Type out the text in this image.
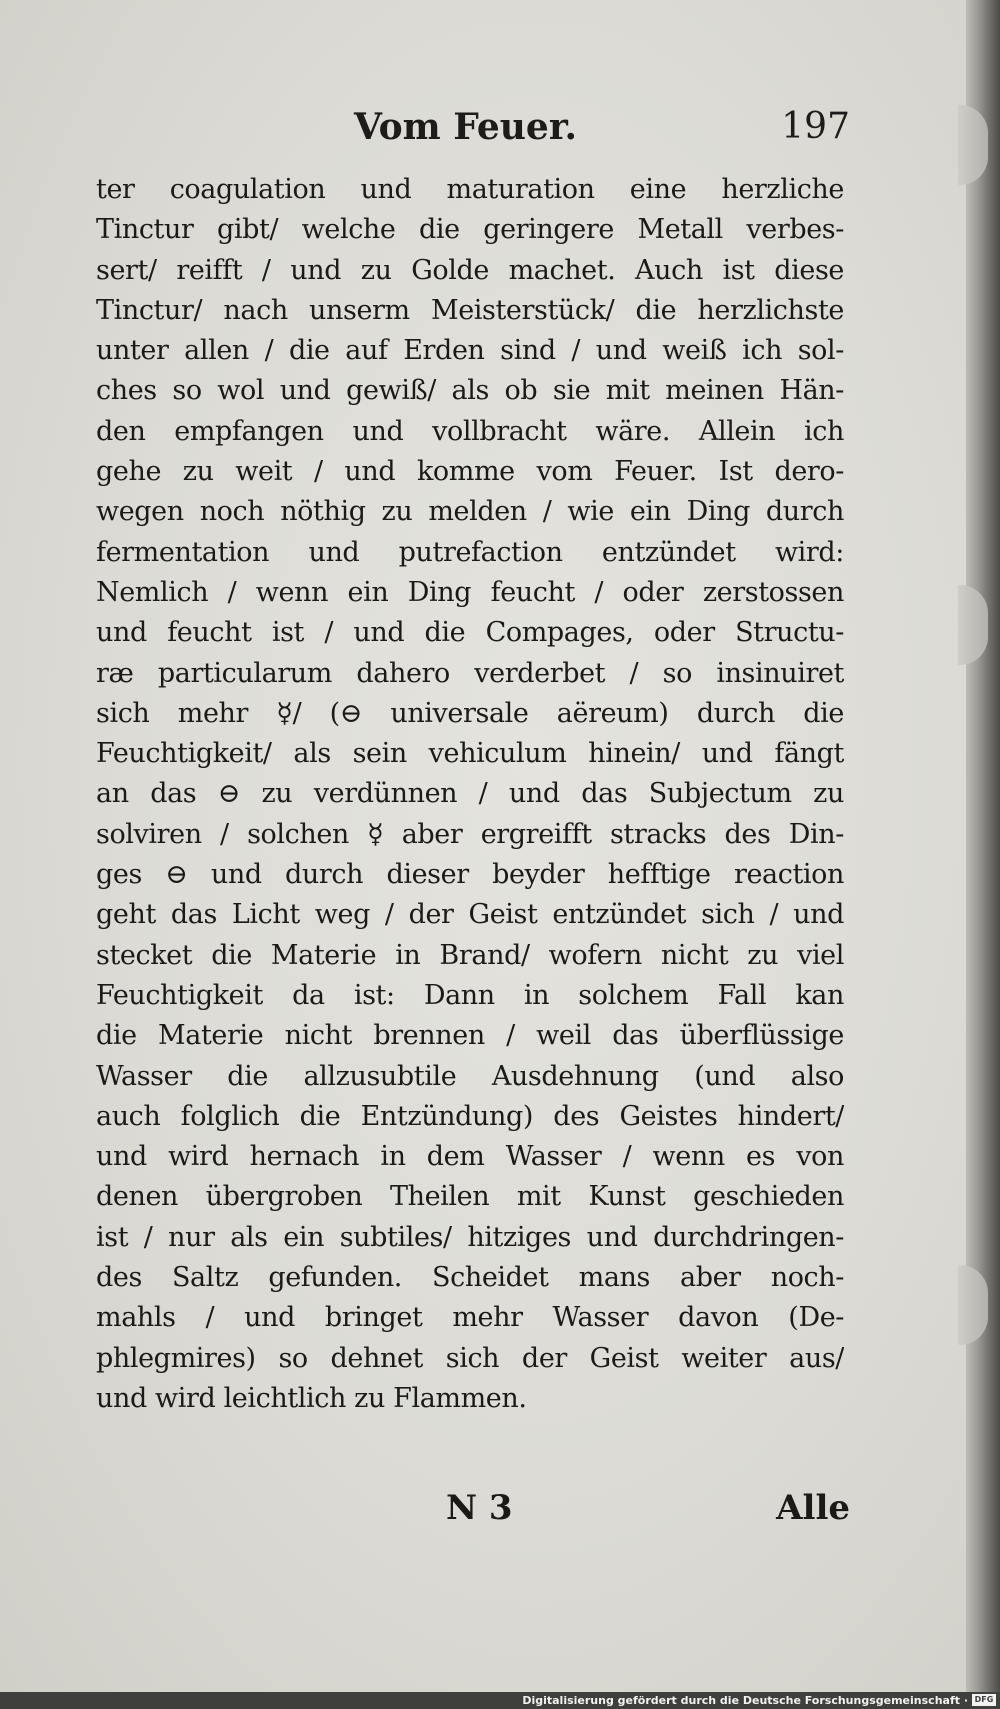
Vom Feuer.	197
ter coagulation und maturation eine herzliche
Tinctur gibt/ welche die geringere Metall verbes-
sert/ reifft / und zu Golde machet. Auch ist diese
Tinctur/ nach unserm Meisterstück/ die herzlichste
unter allen / die auf Erden sind / und weiß ich sol-
ches so wol und gewiß/ als ob sie mit meinen Hän-
den empfangen und vollbracht wäre. Allein ich
gehe zu weit / und komme vom Feuer. Ist dero-
wegen noch nöthig zu melden / wie ein Ding durch
fermentation und putrefaction entzündet wird:
Nemlich / wenn ein Ding feucht / oder zerstossen
und feucht ist / und die Compages, oder Structu-
ræ particularum dahero verderbet / so insinuiret
sich mehr ☿/ (⊖ universale aëreum) durch die
Feuchtigkeit/ als sein vehiculum hinein/ und fängt
an das ⊖ zu verdünnen / und das Subjectum zu
solviren / solchen ☿ aber ergreifft stracks des Din-
ges ⊖ und durch dieser beyder hefftige reaction
geht das Licht weg / der Geist entzündet sich / und
stecket die Materie in Brand/ wofern nicht zu viel
Feuchtigkeit da ist: Dann in solchem Fall kan
die Materie nicht brennen / weil das überflüssige
Wasser die allzusubtile Ausdehnung (und also
auch folglich die Entzündung) des Geistes hindert/
und wird hernach in dem Wasser / wenn es von
denen übergroben Theilen mit Kunst geschieden
ist / nur als ein subtiles/ hitziges und durchdringen-
des Saltz gefunden. Scheidet mans aber noch-
mahls / und bringet mehr Wasser davon (De-
phlegmires) so dehnet sich der Geist weiter aus/
und wird leichtlich zu Flammen.
N 3	Alle
Digitalisierung gefördert durch die Deutsche Forschungsgemeinschaft · DFG
